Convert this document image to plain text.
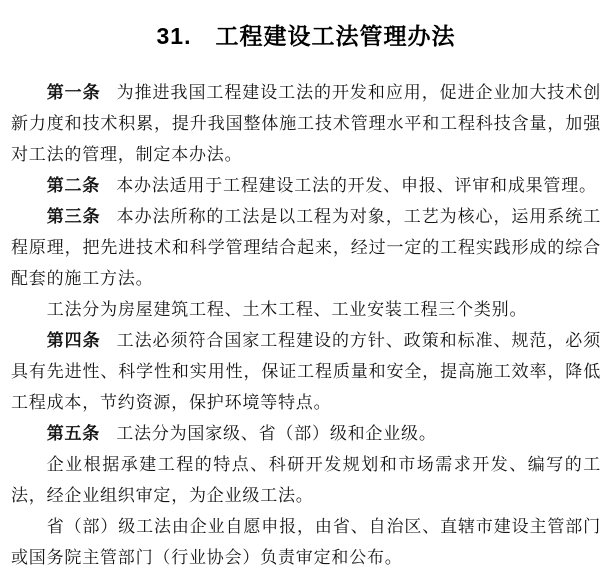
31.　工程建设工法管理办法

第一条 为推进我国工程建设工法的开发和应用，促进企业加大技术创新力度和技术积累，提升我国整体施工技术管理水平和工程科技含量，加强对工法的管理，制定本办法。

第二条 本办法适用于工程建设工法的开发、申报、评审和成果管理。

第三条 本办法所称的工法是以工程为对象，工艺为核心，运用系统工程原理，把先进技术和科学管理结合起来，经过一定的工程实践形成的综合配套的施工方法。

工法分为房屋建筑工程、土木工程、工业安装工程三个类别。

第四条 工法必须符合国家工程建设的方针、政策和标准、规范，必须具有先进性、科学性和实用性，保证工程质量和安全，提高施工效率，降低工程成本，节约资源，保护环境等特点。

第五条 工法分为国家级、省（部）级和企业级。

企业根据承建工程的特点、科研开发规划和市场需求开发、编写的工法，经企业组织审定，为企业级工法。

省（部）级工法由企业自愿申报，由省、自治区、直辖市建设主管部门或国务院主管部门（行业协会）负责审定和公布。
